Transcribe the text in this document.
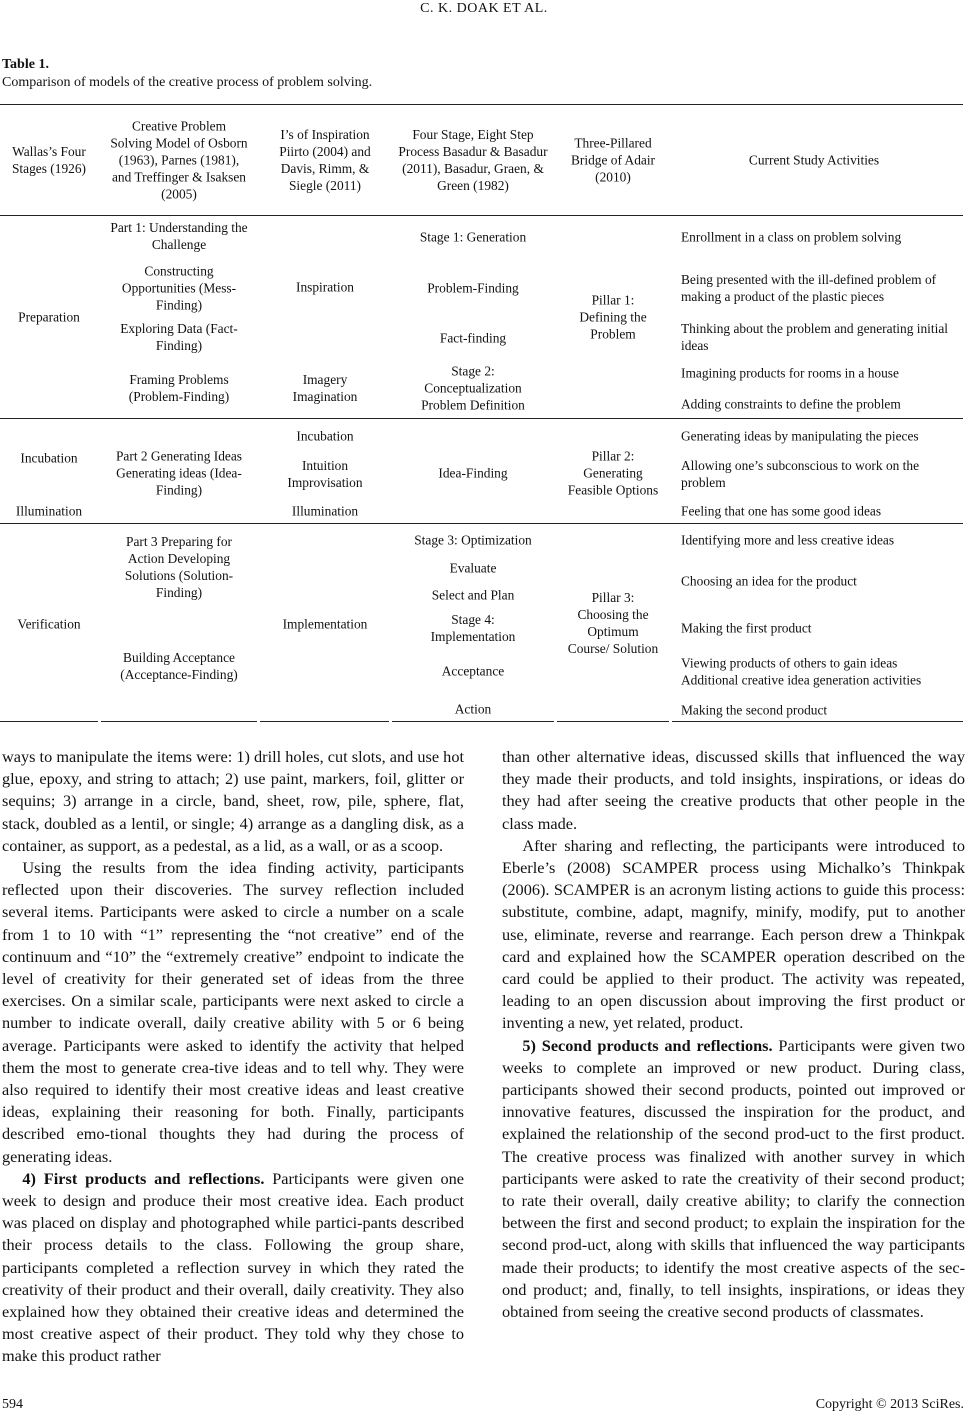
C. K. DOAK ET AL.
Table 1.
Comparison of models of the creative process of problem solving.
Wallas’s Four Stages (1926)
Creative Problem Solving Model of Osborn (1963), Parnes (1981), and Treffinger & Isaksen (2005)
I’s of Inspiration Piirto (2004) and Davis, Rimm, & Siegle (2011)
Four Stage, Eight Step Process Basadur & Basadur (2011), Basadur, Graen, & Green (1982)
Three-Pillared Bridge of Adair (2010)
Current Study Activities
Preparation
Incubation
Illumination
Verification
Part 1: Understanding the Challenge
Constructing Opportunities (Mess-Finding)
Exploring Data (Fact-Finding)
Framing Problems (Problem-Finding)
Part 2 Generating Ideas Generating ideas (Idea-Finding)
Part 3 Preparing for Action Developing Solutions (Solution-Finding)
Building Acceptance (Acceptance-Finding)
Inspiration
Imagery Imagination
Incubation
Intuition Improvisation
Illumination
Implementation
Stage 1: Generation
Problem-Finding
Fact-finding
Stage 2: Conceptualization Problem Definition
Idea-Finding
Stage 3: Optimization
Evaluate
Select and Plan
Stage 4: Implementation
Acceptance
Action
Pillar 1: Defining the Problem
Pillar 2: Generating Feasible Options
Pillar 3: Choosing the Optimum Course/ Solution
Enrollment in a class on problem solving
Being presented with the ill-defined problem of making a product of the plastic pieces
Thinking about the problem and generating initial ideas
Imagining products for rooms in a house
Adding constraints to define the problem
Generating ideas by manipulating the pieces
Allowing one’s subconscious to work on the problem
Feeling that one has some good ideas
Identifying more and less creative ideas
Choosing an idea for the product
Making the first product
Viewing products of others to gain ideas
Additional creative idea generation activities
Making the second product

ways to manipulate the items were: 1) drill holes, cut slots, and use hot glue, epoxy, and string to attach; 2) use paint, markers, foil, glitter or sequins; 3) arrange in a circle, band, sheet, row, pile, sphere, flat, stack, doubled as a lentil, or single; 4) arrange as a dangling disk, as a container, as support, as a pedestal, as a lid, as a wall, or as a scoop.

Using the results from the idea finding activity, participants reflected upon their discoveries. The survey reflection included several items. Participants were asked to circle a number on a scale from 1 to 10 with “1” representing the “not creative” end of the continuum and “10” the “extremely creative” endpoint to indicate the level of creativity for their generated set of ideas from the three exercises. On a similar scale, participants were next asked to circle a number to indicate overall, daily creative ability with 5 or 6 being average. Participants were asked to identify the activity that helped them the most to generate crea-tive ideas and to tell why. They were also required to identify their most creative ideas and least creative ideas, explaining their reasoning for both. Finally, participants described emo-tional thoughts they had during the process of generating ideas.

4) First products and reflections. Participants were given one week to design and produce their most creative idea. Each product was placed on display and photographed while partici-pants described their process details to the class. Following the group share, participants completed a reflection survey in which they rated the creativity of their product and their overall, daily creativity. They also explained how they obtained their creative ideas and determined the most creative aspect of their product. They told why they chose to make this product rather

than other alternative ideas, discussed skills that influenced the way they made their products, and told insights, inspirations, or ideas do they had after seeing the creative products that other people in the class made.

After sharing and reflecting, the participants were introduced to Eberle’s (2008) SCAMPER process using Michalko’s Thinkpak (2006). SCAMPER is an acronym listing actions to guide this process: substitute, combine, adapt, magnify, minify, modify, put to another use, eliminate, reverse and rearrange. Each person drew a Thinkpak card and explained how the SCAMPER operation described on the card could be applied to their product. The activity was repeated, leading to an open discussion about improving the first product or inventing a new, yet related, product.

5) Second products and reflections. Participants were given two weeks to complete an improved or new product. During class, participants showed their second products, pointed out improved or innovative features, discussed the inspiration for the product, and explained the relationship of the second prod-uct to the first product. The creative process was finalized with another survey in which participants were asked to rate the creativity of their second product; to rate their overall, daily creative ability; to clarify the connection between the first and second product; to explain the inspiration for the second prod-uct, along with skills that influenced the way participants made their products; to identify the most creative aspects of the sec-ond product; and, finally, to tell insights, inspirations, or ideas they obtained from seeing the creative second products of classmates.

594	Copyright © 2013 SciRes.
